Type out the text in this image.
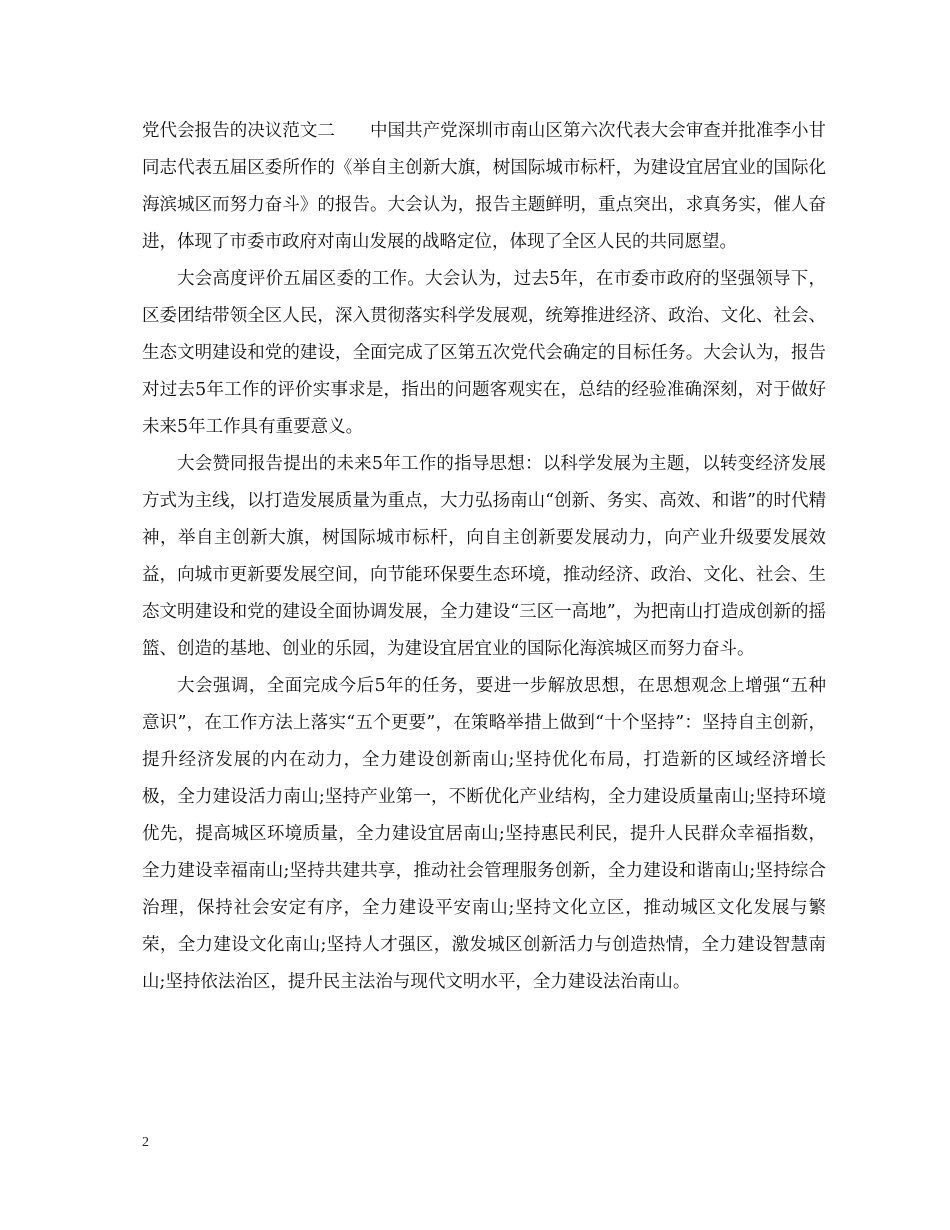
党代会报告的决议范文二　　中国共产党深圳市南山区第六次代表大会审查并批准李小甘同志代表五届区委所作的《举自主创新大旗，树国际城市标杆，为建设宜居宜业的国际化海滨城区而努力奋斗》的报告。大会认为，报告主题鲜明，重点突出，求真务实，催人奋进，体现了市委市政府对南山发展的战略定位，体现了全区人民的共同愿望。

大会高度评价五届区委的工作。大会认为，过去5年，在市委市政府的坚强领导下，区委团结带领全区人民，深入贯彻落实科学发展观，统筹推进经济、政治、文化、社会、生态文明建设和党的建设，全面完成了区第五次党代会确定的目标任务。大会认为，报告对过去5年工作的评价实事求是，指出的问题客观实在，总结的经验准确深刻，对于做好未来5年工作具有重要意义。

大会赞同报告提出的未来5年工作的指导思想：以科学发展为主题，以转变经济发展方式为主线，以打造发展质量为重点，大力弘扬南山“创新、务实、高效、和谐”的时代精神，举自主创新大旗，树国际城市标杆，向自主创新要发展动力，向产业升级要发展效益，向城市更新要发展空间，向节能环保要生态环境，推动经济、政治、文化、社会、生态文明建设和党的建设全面协调发展，全力建设“三区一高地”，为把南山打造成创新的摇篮、创造的基地、创业的乐园，为建设宜居宜业的国际化海滨城区而努力奋斗。

大会强调，全面完成今后5年的任务，要进一步解放思想，在思想观念上增强“五种意识”，在工作方法上落实“五个更要”，在策略举措上做到“十个坚持”：坚持自主创新，提升经济发展的内在动力，全力建设创新南山;坚持优化布局，打造新的区域经济增长极，全力建设活力南山;坚持产业第一，不断优化产业结构，全力建设质量南山;坚持环境优先，提高城区环境质量，全力建设宜居南山;坚持惠民利民，提升人民群众幸福指数，全力建设幸福南山;坚持共建共享，推动社会管理服务创新，全力建设和谐南山;坚持综合治理，保持社会安定有序，全力建设平安南山;坚持文化立区，推动城区文化发展与繁荣，全力建设文化南山;坚持人才强区，激发城区创新活力与创造热情，全力建设智慧南山;坚持依法治区，提升民主法治与现代文明水平，全力建设法治南山。

2
